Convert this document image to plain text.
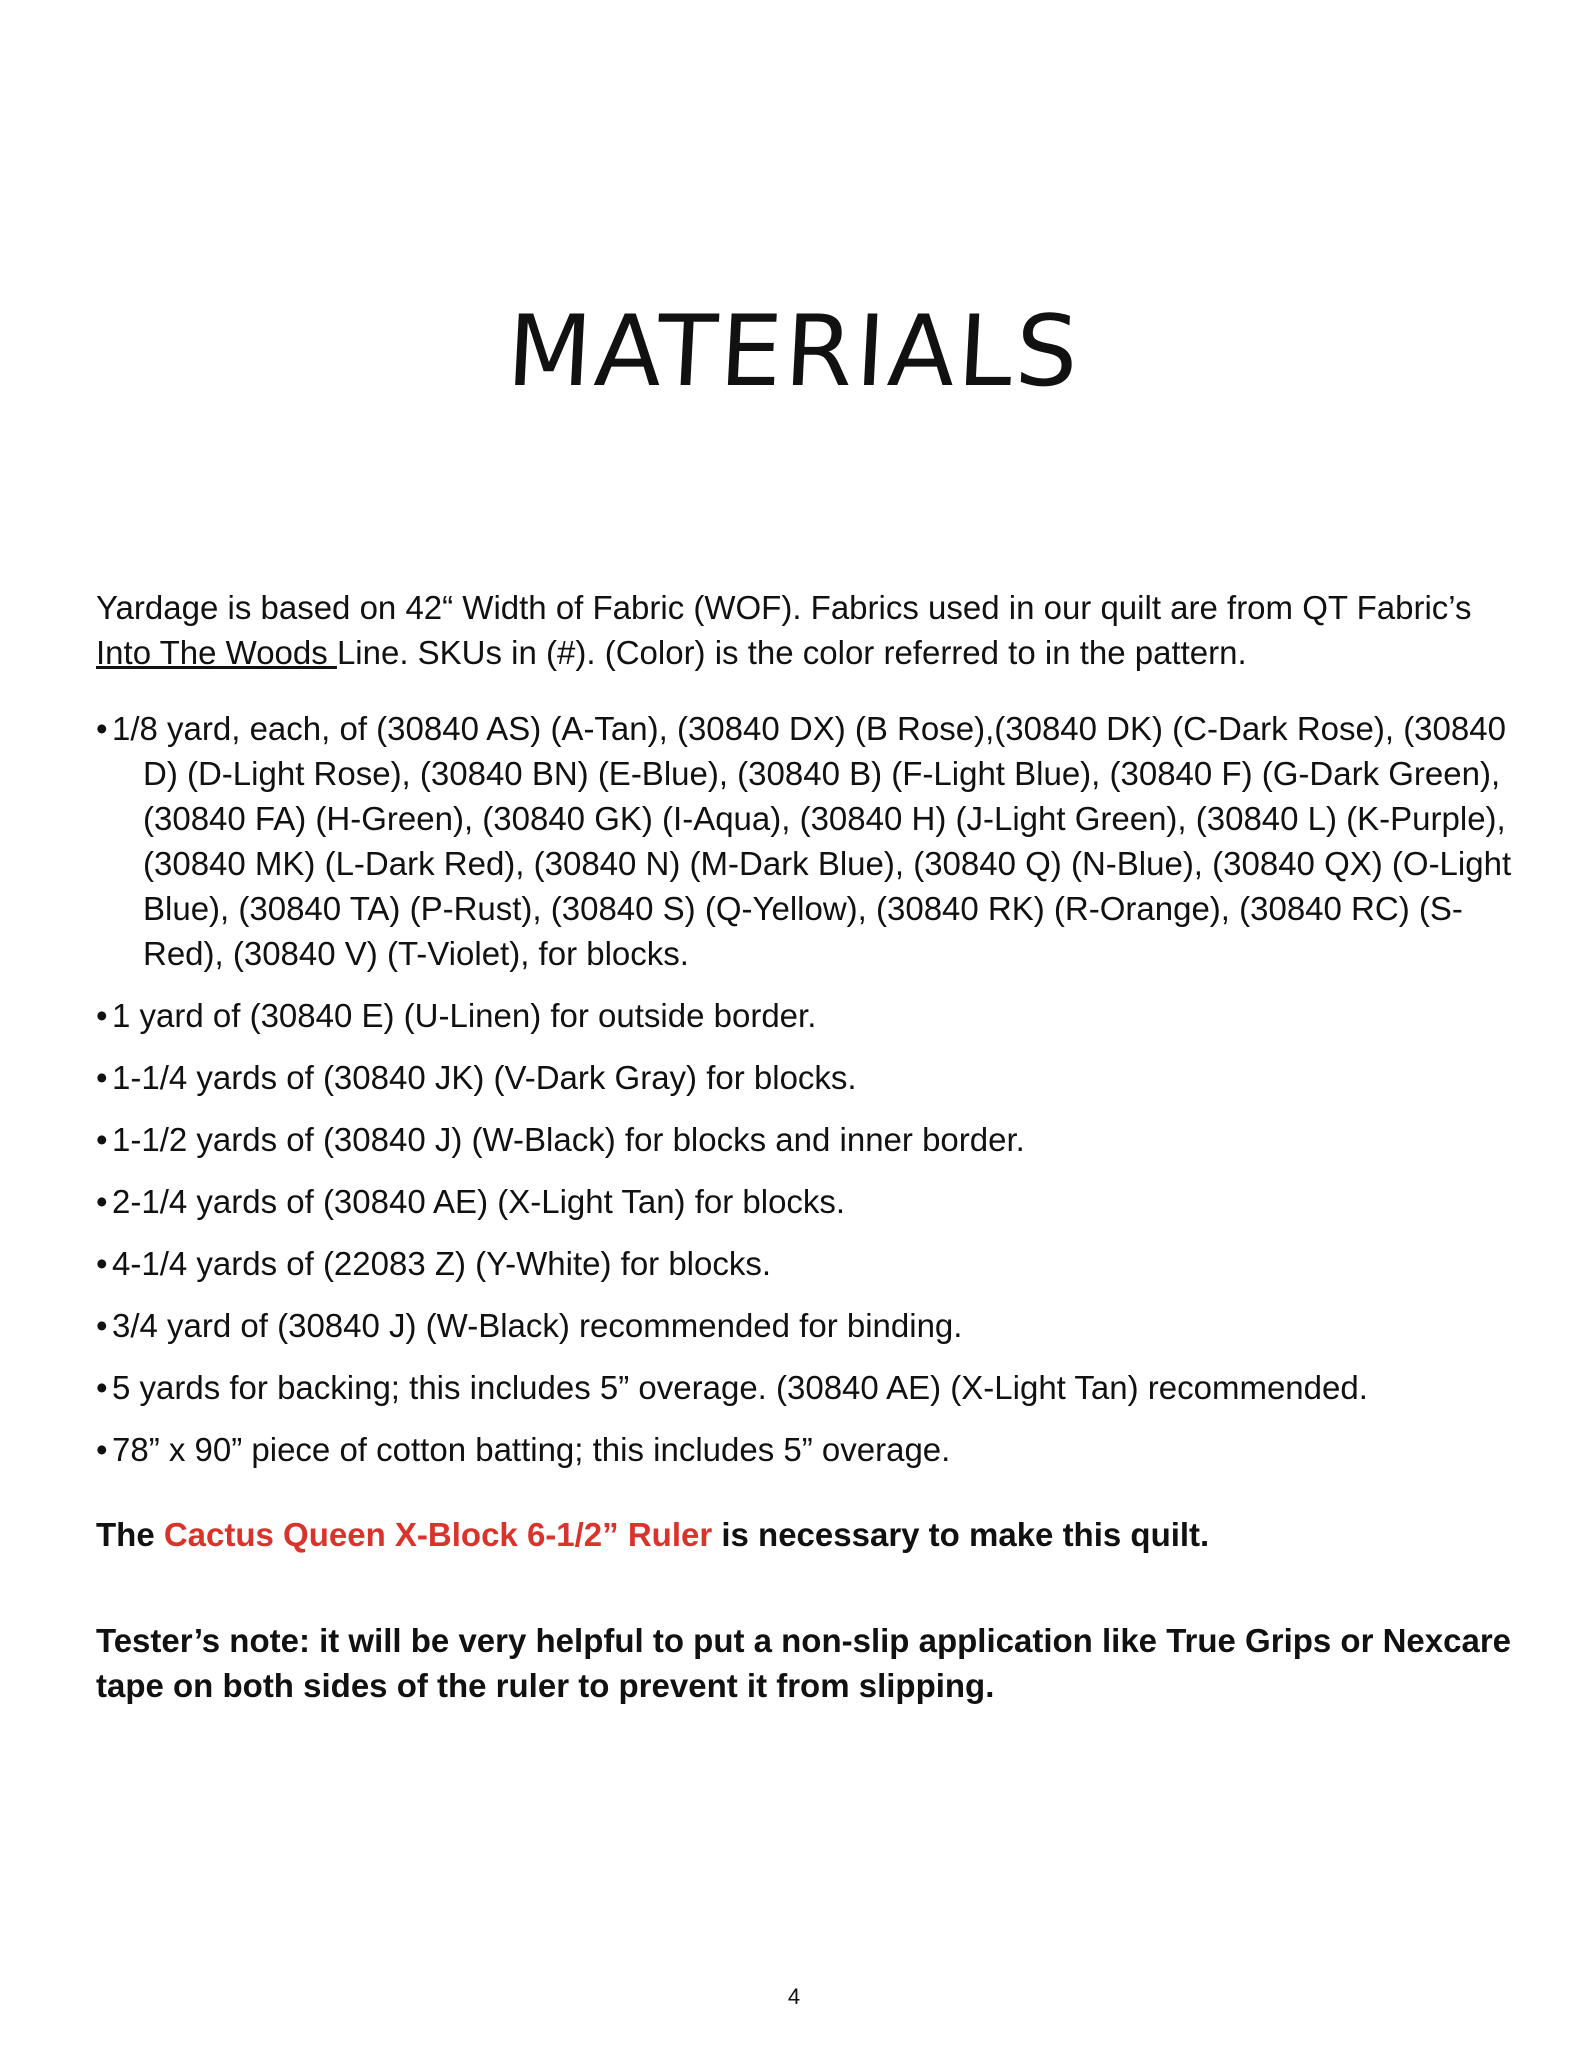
MATERIALS

Yardage is based on 42“ Width of Fabric (WOF). Fabrics used in our quilt are from QT Fabric’s Into The Woods Line. SKUs in (#). (Color) is the color referred to in the pattern.

• 1/8 yard, each, of (30840 AS) (A-Tan), (30840 DX) (B Rose),(30840 DK) (C-Dark Rose), (30840 D) (D-Light Rose), (30840 BN) (E-Blue), (30840 B) (F-Light Blue), (30840 F) (G-Dark Green), (30840 FA) (H-Green), (30840 GK) (I-Aqua), (30840 H) (J-Light Green), (30840 L) (K-Purple), (30840 MK) (L-Dark Red), (30840 N) (M-Dark Blue), (30840 Q) (N-Blue), (30840 QX) (O-Light Blue), (30840 TA) (P-Rust), (30840 S) (Q-Yellow), (30840 RK) (R-Orange), (30840 RC) (S-Red), (30840 V) (T-Violet), for blocks.
• 1 yard of (30840 E) (U-Linen) for outside border.
• 1-1/4 yards of (30840 JK) (V-Dark Gray) for blocks.
• 1-1/2 yards of (30840 J) (W-Black) for blocks and inner border.
• 2-1/4 yards of (30840 AE) (X-Light Tan) for blocks.
• 4-1/4 yards of (22083 Z) (Y-White) for blocks.
• 3/4 yard of (30840 J) (W-Black) recommended for binding.
• 5 yards for backing; this includes 5” overage. (30840 AE) (X-Light Tan) recommended.
• 78” x 90” piece of cotton batting; this includes 5” overage.

The Cactus Queen X-Block 6-1/2” Ruler is necessary to make this quilt.

Tester’s note: it will be very helpful to put a non-slip application like True Grips or Nexcare tape on both sides of the ruler to prevent it from slipping.

4
